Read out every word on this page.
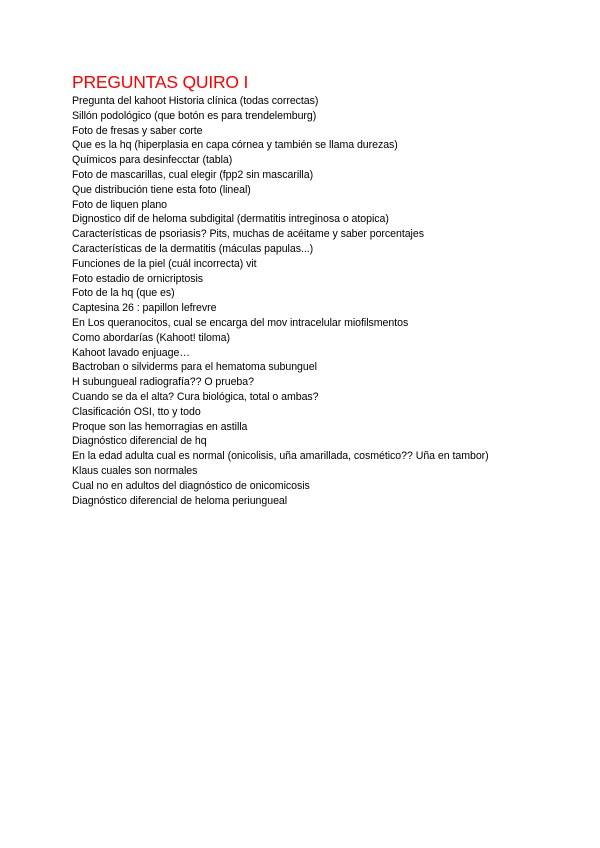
PREGUNTAS QUIRO I
Pregunta del kahoot Historia clínica (todas correctas)
Sillón podológico (que botón es para trendelemburg)
Foto de fresas y saber corte
Que es la hq (hiperplasia en capa córnea y también se llama durezas)
Químicos para desinfecctar (tabla)
Foto de mascarillas, cual elegir (fpp2 sin mascarilla)
Que distribución tiene esta foto (lineal)
Foto de liquen plano
Dignostico dif de heloma subdigital (dermatitis intreginosa o atopica)
Características de psoriasis? Pits, muchas de acéitame y saber porcentajes
Características de la dermatitis (máculas papulas...)
Funciones de la piel (cuál incorrecta) vit
Foto estadio de ornicriptosis
Foto de la hq (que es)
Captesina 26 : papillon lefrevre
En Los queranocitos, cual se encarga del mov intracelular miofilsmentos
Como abordarías (Kahoot! tiloma)
Kahoot lavado enjuage…
Bactroban o silviderms para el hematoma subunguel
H subungueal radiografía?? O prueba?
Cuando se da el alta? Cura biológica, total o ambas?
Clasificación OSI, tto y todo
Proque son las hemorragias en astilla
Diagnóstico diferencial de hq
En la edad adulta cual es normal (onicolisis, uña amarillada, cosmético?? Uña en tambor)
Klaus cuales son normales
Cual no en adultos del diagnóstico de onicomicosis
Diagnóstico diferencial de heloma periungueal
